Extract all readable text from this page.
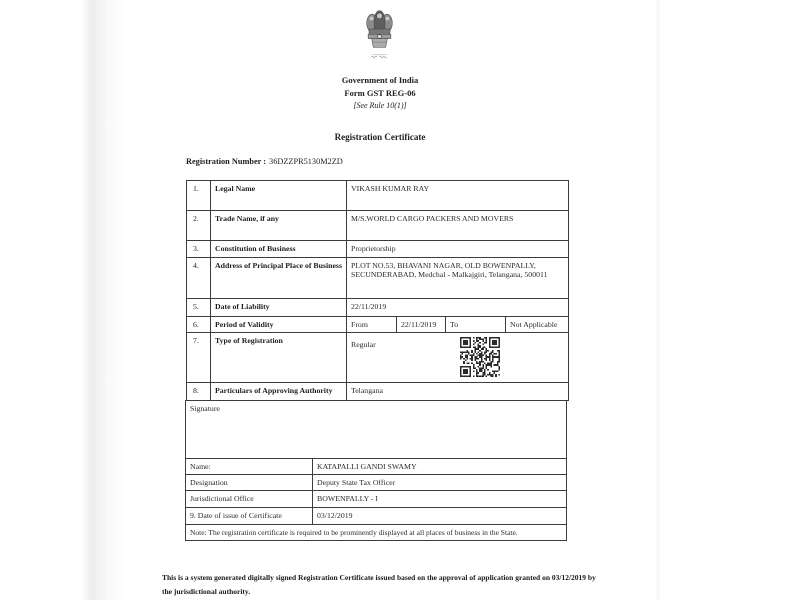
Government of India
Form GST REG-06
[See Rule 10(1)]
Registration Certificate
Registration Number : 36DZZPR5130M2ZD
1.	Legal Name	VIKASH KUMAR RAY
2.	Trade Name, if any	M/S.WORLD CARGO PACKERS AND MOVERS
3.	Constitution of Business	Proprietorship
4.	Address of Principal Place of Business	PLOT NO.53, BHAVANI NAGAR, OLD BOWENPALLY,
SECUNDERABAD, Medchal - Malkajgiri, Telangana, 500011

5.	Date of Liability	22/11/2019
6.	Period of Validity	From 22/11/2019 To Not Applicable

7.	Type of Registration	Regular
8.	Particulars of Approving Authority	Telangana
Signature	
Name:	KATAPALLI GANDI SWAMY
Designation	Deputy State Tax Officer
Jurisdictional Office	BOWENPALLY - I
9. Date of issue of Certificate	03/12/2019
Note: The registration certificate is required to be prominently displayed at all places of business in the State.	
This is a system generated digitally signed Registration Certificate issued based on the approval of application granted on 03/12/2019 by
the jurisdictional authority.
